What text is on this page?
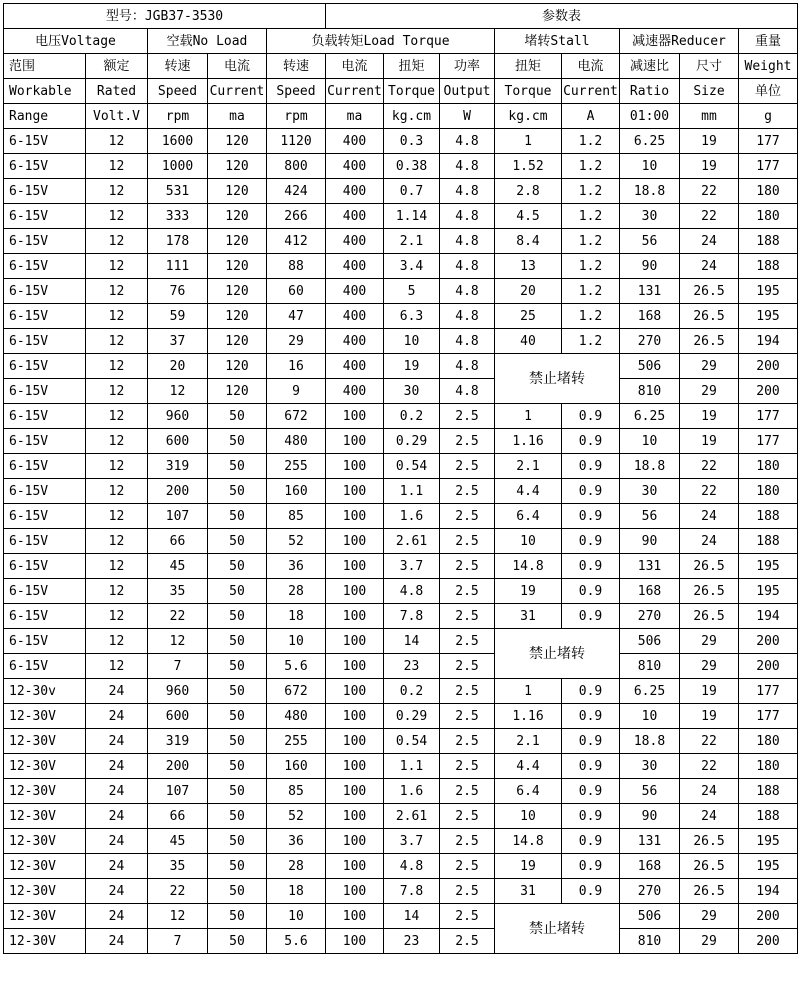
型号：JGB37-3530					参数表							
电压Voltage		空载No Load		负载转矩Load Torque				堵转Stall		减速器Reducer		重量
范围	额定	转速	电流	转速	电流	扭矩	功率	扭矩	电流	减速比	尺寸	Weight
Workable	Rated	Speed	Current	Speed	Current	Torque	Output	Torque	Current	Ratio	Size	单位
Range	Volt.V	rpm	ma	rpm	ma	kg.cm	W	kg.cm	A	01:00	mm	g
6-15V	12	1600	120	1120	400	0.3	4.8	1	1.2	6.25	19	177
6-15V	12	1000	120	800	400	0.38	4.8	1.52	1.2	10	19	177
6-15V	12	531	120	424	400	0.7	4.8	2.8	1.2	18.8	22	180
6-15V	12	333	120	266	400	1.14	4.8	4.5	1.2	30	22	180
6-15V	12	178	120	412	400	2.1	4.8	8.4	1.2	56	24	188
6-15V	12	111	120	88	400	3.4	4.8	13	1.2	90	24	188
6-15V	12	76	120	60	400	5	4.8	20	1.2	131	26.5	195
6-15V	12	59	120	47	400	6.3	4.8	25	1.2	168	26.5	195
6-15V	12	37	120	29	400	10	4.8	40	1.2	270	26.5	194
6-15V	12	20	120	16	400	19	4.8	禁止堵转		506	29	200
6-15V	12	12	120	9	400	30	4.8			810	29	200
6-15V	12	960	50	672	100	0.2	2.5	1	0.9	6.25	19	177
6-15V	12	600	50	480	100	0.29	2.5	1.16	0.9	10	19	177
6-15V	12	319	50	255	100	0.54	2.5	2.1	0.9	18.8	22	180
6-15V	12	200	50	160	100	1.1	2.5	4.4	0.9	30	22	180
6-15V	12	107	50	85	100	1.6	2.5	6.4	0.9	56	24	188
6-15V	12	66	50	52	100	2.61	2.5	10	0.9	90	24	188
6-15V	12	45	50	36	100	3.7	2.5	14.8	0.9	131	26.5	195
6-15V	12	35	50	28	100	4.8	2.5	19	0.9	168	26.5	195
6-15V	12	22	50	18	100	7.8	2.5	31	0.9	270	26.5	194
6-15V	12	12	50	10	100	14	2.5	禁止堵转		506	29	200
6-15V	12	7	50	5.6	100	23	2.5			810	29	200
12-30v	24	960	50	672	100	0.2	2.5	1	0.9	6.25	19	177
12-30V	24	600	50	480	100	0.29	2.5	1.16	0.9	10	19	177
12-30V	24	319	50	255	100	0.54	2.5	2.1	0.9	18.8	22	180
12-30V	24	200	50	160	100	1.1	2.5	4.4	0.9	30	22	180
12-30V	24	107	50	85	100	1.6	2.5	6.4	0.9	56	24	188
12-30V	24	66	50	52	100	2.61	2.5	10	0.9	90	24	188
12-30V	24	45	50	36	100	3.7	2.5	14.8	0.9	131	26.5	195
12-30V	24	35	50	28	100	4.8	2.5	19	0.9	168	26.5	195
12-30V	24	22	50	18	100	7.8	2.5	31	0.9	270	26.5	194
12-30V	24	12	50	10	100	14	2.5	禁止堵转		506	29	200
12-30V	24	7	50	5.6	100	23	2.5			810	29	200
